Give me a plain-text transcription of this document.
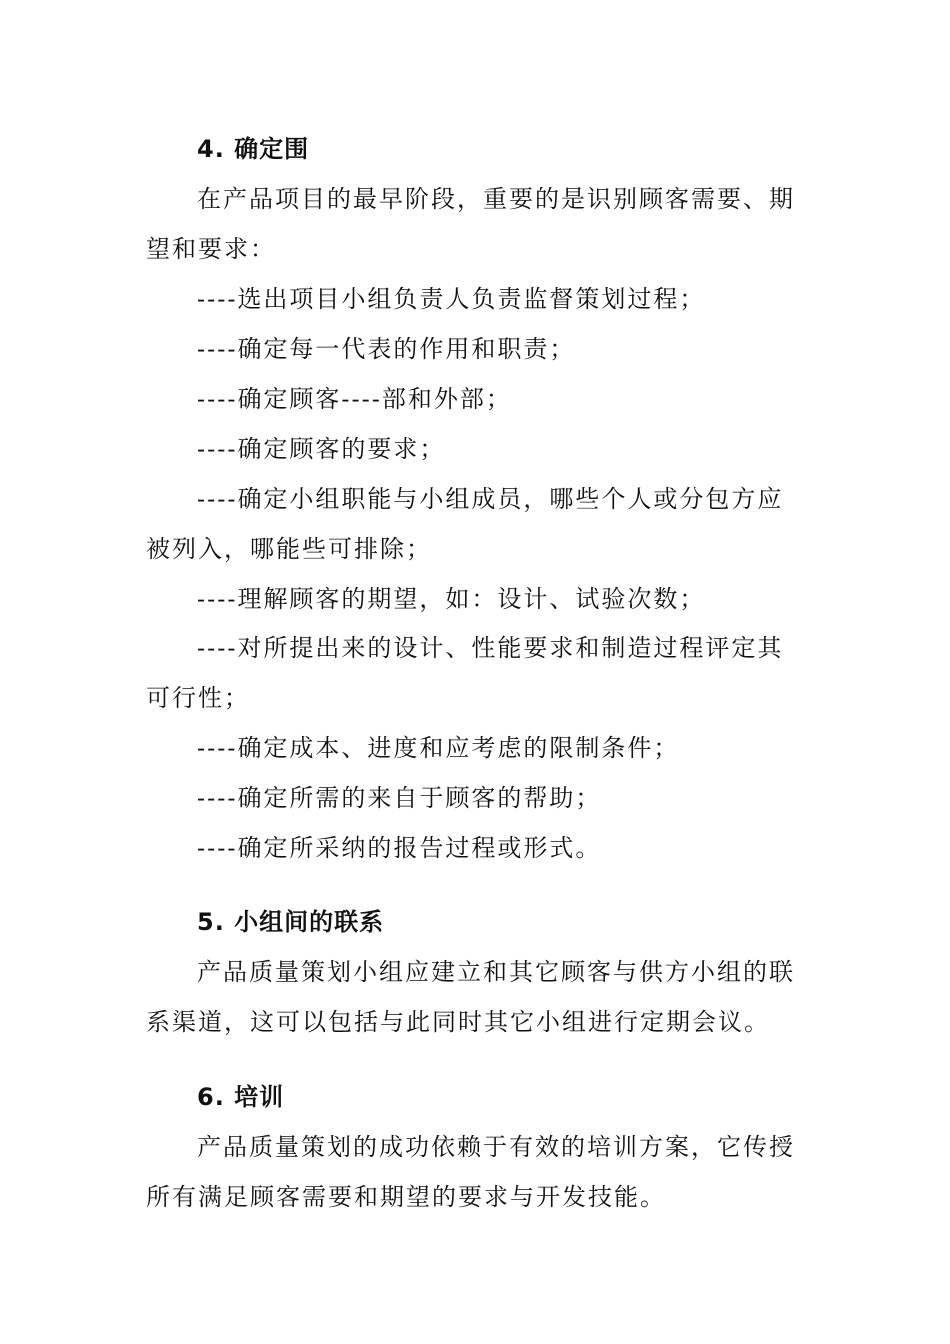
4. 确定围
在产品项目的最早阶段，重要的是识别顾客需要、期
望和要求：
----选出项目小组负责人负责监督策划过程；
----确定每一代表的作用和职责；
----确定顾客----部和外部；
----确定顾客的要求；
----确定小组职能与小组成员，哪些个人或分包方应
被列入，哪能些可排除；
----理解顾客的期望，如：设计、试验次数；
----对所提出来的设计、性能要求和制造过程评定其
可行性；
----确定成本、进度和应考虑的限制条件；
----确定所需的来自于顾客的帮助；
----确定所采纳的报告过程或形式。
5. 小组间的联系
产品质量策划小组应建立和其它顾客与供方小组的联
系渠道，这可以包括与此同时其它小组进行定期会议。
6. 培训
产品质量策划的成功依赖于有效的培训方案，它传授
所有满足顾客需要和期望的要求与开发技能。
